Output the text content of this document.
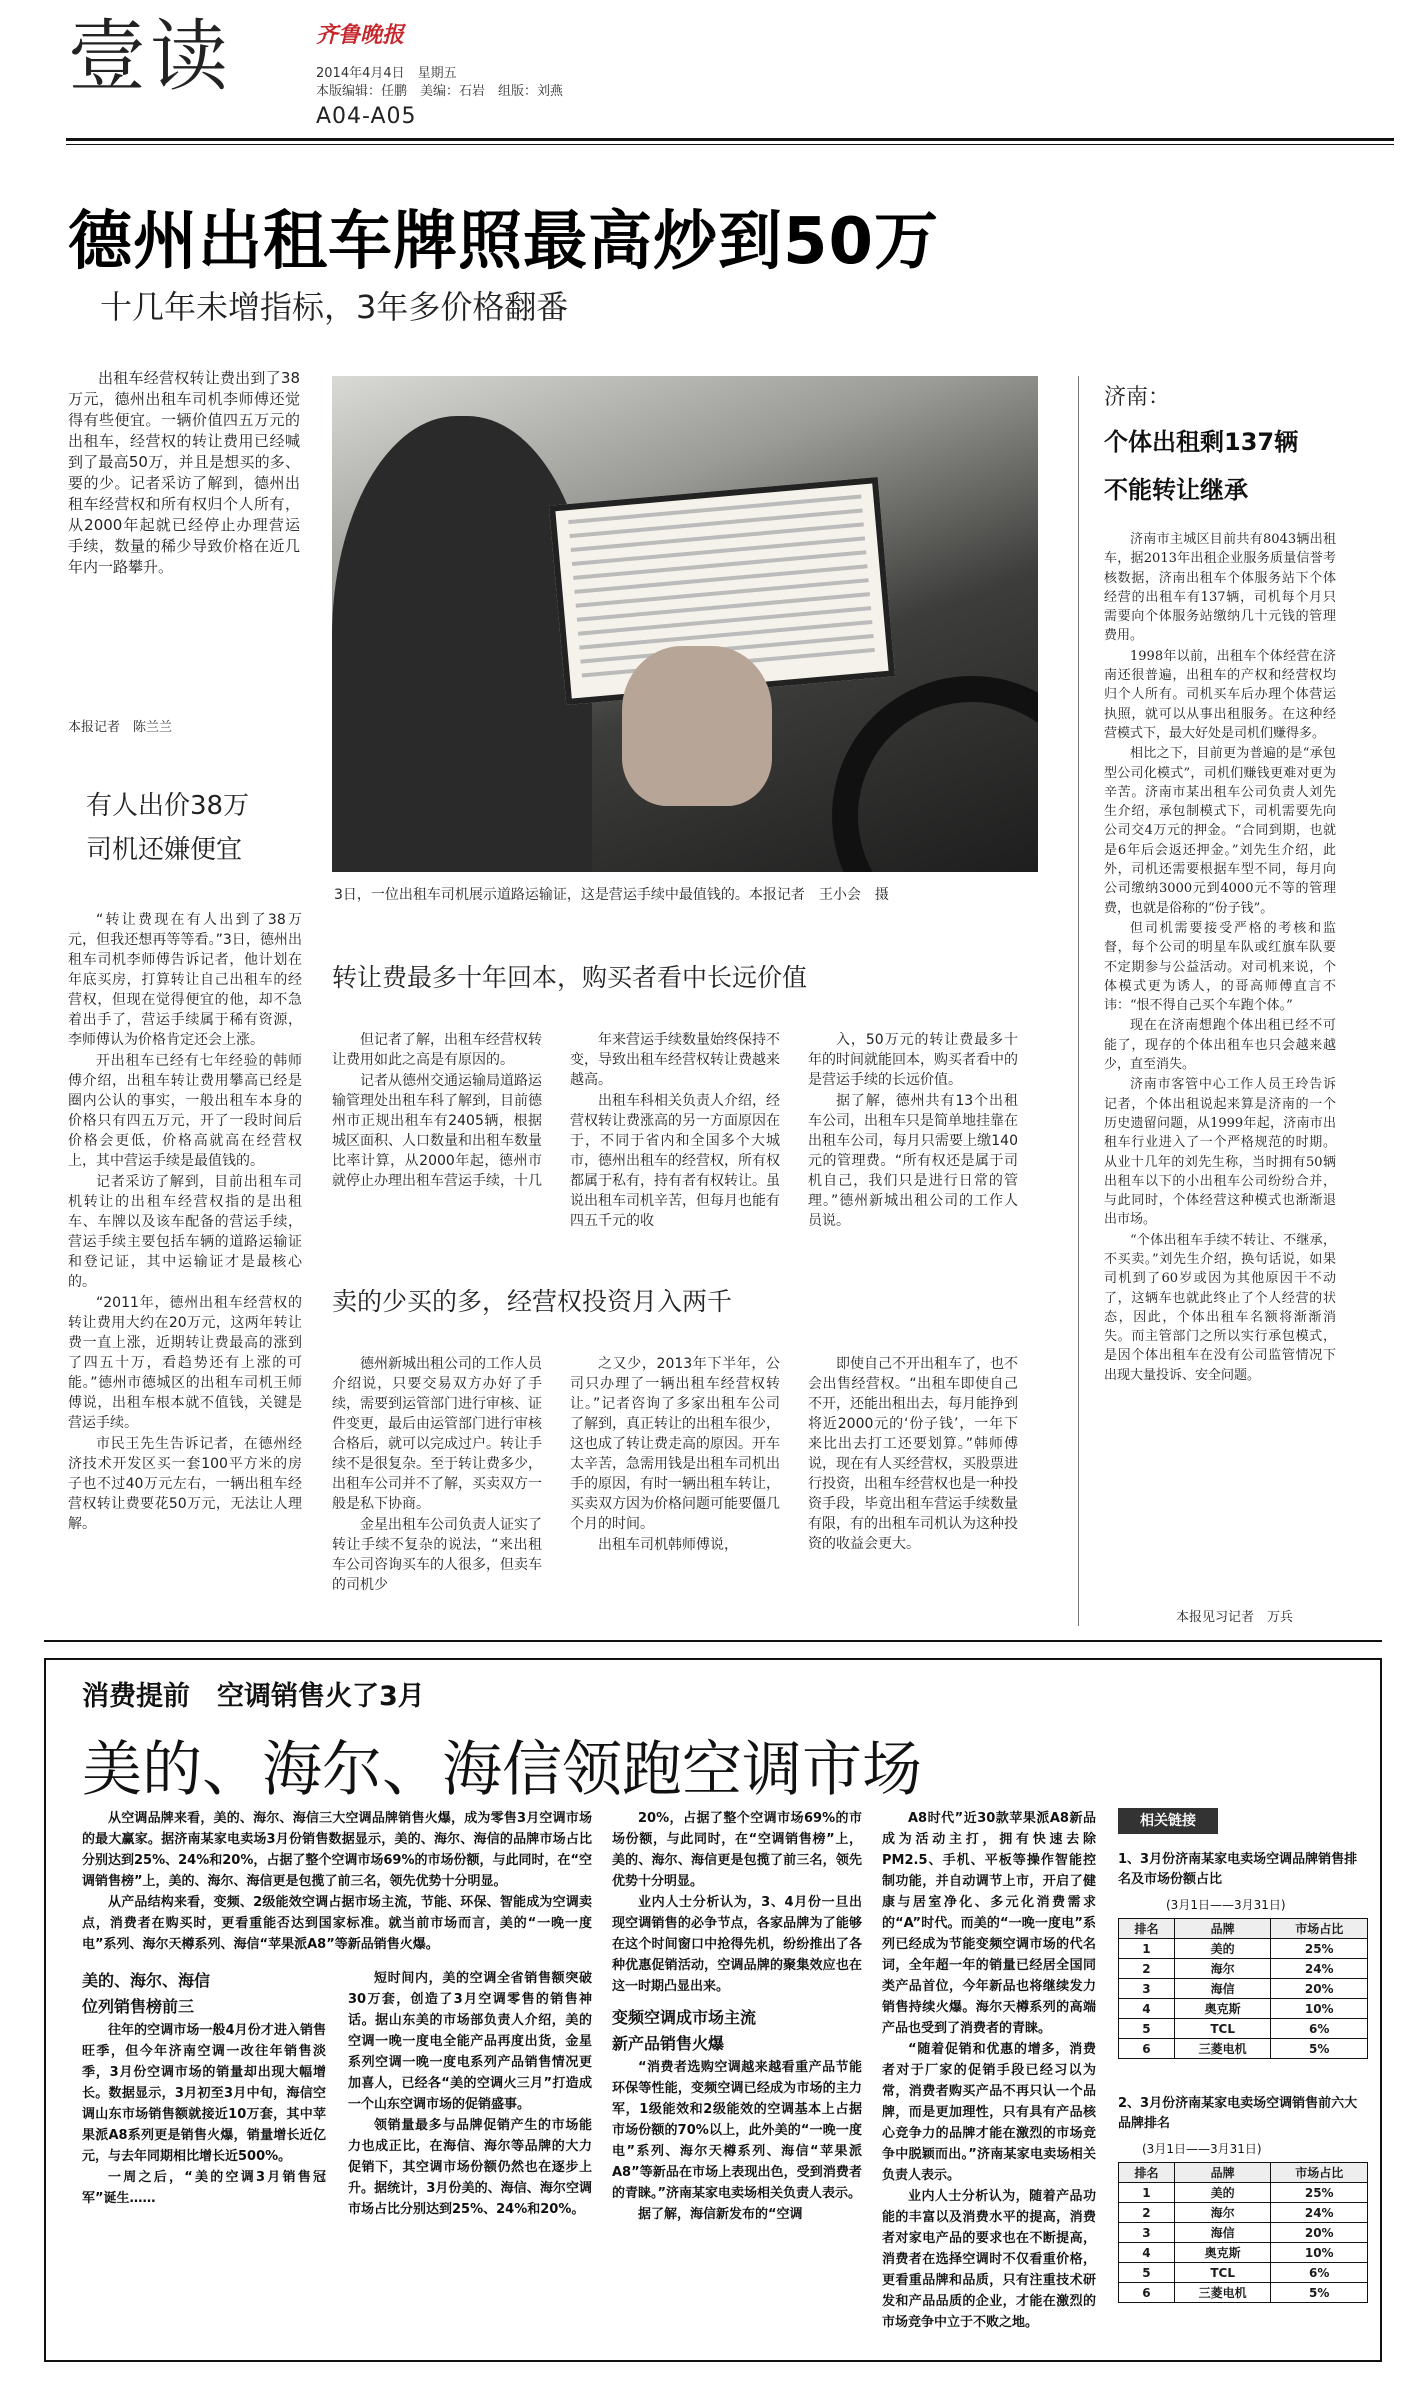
壹读	齐鲁晚报
2014年4月4日　星期五
本版编辑：任鹏　美编：石岩　组版：刘燕
A04-A05
德州出租车牌照最高炒到50万
十几年未增指标，3年多价格翻番

出租车经营权转让费出到了38万元，德州出租车司机李师傅还觉得有些便宜。一辆价值四五万元的出租车，经营权的转让费用已经喊到了最高50万，并且是想买的多、要的少。记者采访了解到，德州出租车经营权和所有权归个人所有，从2000年起就已经停止办理营运手续，数量的稀少导致价格在近几年内一路攀升。

本报记者　陈兰兰
有人出价38万
司机还嫌便宜

“转让费现在有人出到了38万元，但我还想再等等看。”3日，德州出租车司机李师傅告诉记者，他计划在年底买房，打算转让自己出租车的经营权，但现在觉得便宜的他，却不急着出手了，营运手续属于稀有资源，李师傅认为价格肯定还会上涨。

开出租车已经有七年经验的韩师傅介绍，出租车转让费用攀高已经是圈内公认的事实，一般出租车本身的价格只有四五万元，开了一段时间后价格会更低，价格高就高在经营权上，其中营运手续是最值钱的。

记者采访了解到，目前出租车司机转让的出租车经营权指的是出租车、车牌以及该车配备的营运手续，营运手续主要包括车辆的道路运输证和登记证，其中运输证才是最核心的。

“2011年，德州出租车经营权的转让费用大约在20万元，这两年转让费一直上涨，近期转让费最高的涨到了四五十万，看趋势还有上涨的可能。”德州市德城区的出租车司机王师傅说，出租车根本就不值钱，关键是营运手续。

市民王先生告诉记者，在德州经济技术开发区买一套100平方米的房子也不过40万元左右，一辆出租车经营权转让费要花50万元，无法让人理解。

3日，一位出租车司机展示道路运输证，这是营运手续中最值钱的。本报记者　王小会　摄
转让费最多十年回本，购买者看中长远价值

但记者了解，出租车经营权转让费用如此之高是有原因的。

记者从德州交通运输局道路运输管理处出租车科了解到，目前德州市正规出租车有2405辆，根据城区面积、人口数量和出租车数量比率计算，从2000年起，德州市就停止办理出租车营运手续，十几

年来营运手续数量始终保持不变，导致出租车经营权转让费越来越高。

出租车科相关负责人介绍，经营权转让费涨高的另一方面原因在于，不同于省内和全国多个大城市，德州出租车的经营权，所有权都属于私有，持有者有权转让。虽说出租车司机辛苦，但每月也能有四五千元的收

入，50万元的转让费最多十年的时间就能回本，购买者看中的是营运手续的长远价值。

据了解，德州共有13个出租车公司，出租车只是简单地挂靠在出租车公司，每月只需要上缴140元的管理费。“所有权还是属于司机自己，我们只是进行日常的管理。”德州新城出租公司的工作人员说。

卖的少买的多，经营权投资月入两千

德州新城出租公司的工作人员介绍说，只要交易双方办好了手续，需要到运管部门进行审核、证件变更，最后由运管部门进行审核合格后，就可以完成过户。转让手续不是很复杂。至于转让费多少，出租车公司并不了解，买卖双方一般是私下协商。

金星出租车公司负责人证实了转让手续不复杂的说法，“来出租车公司咨询买车的人很多，但卖车的司机少

之又少，2013年下半年，公司只办理了一辆出租车经营权转让。”记者咨询了多家出租车公司了解到，真正转让的出租车很少，这也成了转让费走高的原因。开车太辛苦，急需用钱是出租车司机出手的原因，有时一辆出租车转让，买卖双方因为价格问题可能要僵几个月的时间。

出租车司机韩师傅说，

即使自己不开出租车了，也不会出售经营权。“出租车即使自己不开，还能出租出去，每月能挣到将近2000元的‘份子钱’，一年下来比出去打工还要划算。”韩师傅说，现在有人买经营权，买股票进行投资，出租车经营权也是一种投资手段，毕竟出租车营运手续数量有限，有的出租车司机认为这种投资的收益会更大。

济南：
个体出租剩137辆
不能转让继承

济南市主城区目前共有8043辆出租车，据2013年出租企业服务质量信誉考核数据，济南出租车个体服务站下个体经营的出租车有137辆，司机每个月只需要向个体服务站缴纳几十元钱的管理费用。

1998年以前，出租车个体经营在济南还很普遍，出租车的产权和经营权均归个人所有。司机买车后办理个体营运执照，就可以从事出租服务。在这种经营模式下，最大好处是司机们赚得多。

相比之下，目前更为普遍的是“承包型公司化模式”，司机们赚钱更难对更为辛苦。济南市某出租车公司负责人刘先生介绍，承包制模式下，司机需要先向公司交4万元的押金。“合同到期，也就是6年后会返还押金。”刘先生介绍，此外，司机还需要根据车型不同，每月向公司缴纳3000元到4000元不等的管理费，也就是俗称的“份子钱”。

但司机需要接受严格的考核和监督，每个公司的明星车队或红旗车队要不定期参与公益活动。对司机来说，个体模式更为诱人，的哥高师傅直言不讳：“恨不得自己买个车跑个体。”

现在在济南想跑个体出租已经不可能了，现存的个体出租车也只会越来越少，直至消失。

济南市客管中心工作人员王玲告诉记者，个体出租说起来算是济南的一个历史遗留问题，从1999年起，济南市出租车行业进入了一个严格规范的时期。从业十几年的刘先生称，当时拥有50辆出租车以下的小出租车公司纷纷合并，与此同时，个体经营这种模式也渐渐退出市场。

“个体出租车手续不转让、不继承，不买卖。”刘先生介绍，换句话说，如果司机到了60岁或因为其他原因干不动了，这辆车也就此终止了个人经营的状态，因此，个体出租车名额将渐渐消失。而主管部门之所以实行承包模式，是因个体出租车在没有公司监管情况下出现大量投诉、安全问题。

本报见习记者　万兵
消费提前　空调销售火了3月
美的、海尔、海信领跑空调市场

从空调品牌来看，美的、海尔、海信三大空调品牌销售火爆，成为零售3月空调市场的最大赢家。据济南某家电卖场3月份销售数据显示，美的、海尔、海信的品牌市场占比分别达到25%、24%和20%，占据了整个空调市场69%的市场份额，与此同时，在“空调销售榜”上，美的、海尔、海信更是包揽了前三名，领先优势十分明显。

从产品结构来看，变频、2级能效空调占据市场主流，节能、环保、智能成为空调卖点，消费者在购买时，更看重能否达到国家标准。就当前市场而言，美的“一晚一度电”系列、海尔天樽系列、海信“苹果派A8”等新品销售火爆。

美的、海尔、海信
位列销售榜前三

往年的空调市场一般4月份才进入销售旺季，但今年济南空调一改往年销售淡季，3月份空调市场的销量却出现大幅增长。数据显示，3月初至3月中旬，海信空调山东市场销售额就接近10万套，其中苹果派A8系列更是销售火爆，销量增长近亿元，与去年同期相比增长近500%。

一周之后，“美的空调3月销售冠军”诞生……

短时间内，美的空调全省销售额突破30万套，创造了3月空调零售的销售神话。据山东美的市场部负责人介绍，美的空调一晚一度电全能产品再度出货，金星系列空调一晚一度电系列产品销售情况更加喜人，已经各“美的空调火三月”打造成一个山东空调市场的促销盛事。

领销量最多与品牌促销产生的市场能力也成正比，在海信、海尔等品牌的大力促销下，其空调市场份额仍然也在逐步上升。据统计，3月份美的、海信、海尔空调市场占比分别达到25%、24%和20%。

20%，占据了整个空调市场69%的市场份额，与此同时，在“空调销售榜”上，美的、海尔、海信更是包揽了前三名，领先优势十分明显。

业内人士分析认为，3、4月份一旦出现空调销售的必争节点，各家品牌为了能够在这个时间窗口中抢得先机，纷纷推出了各种优惠促销活动，空调品牌的聚集效应也在这一时期凸显出来。

变频空调成市场主流
新产品销售火爆

“消费者选购空调越来越看重产品节能环保等性能，变频空调已经成为市场的主力军，1级能效和2级能效的空调基本上占据市场份额的70%以上，此外美的“一晚一度电”系列、海尔天樽系列、海信“苹果派A8”等新品在市场上表现出色，受到消费者的青睐。”济南某家电卖场相关负责人表示。

据了解，海信新发布的“空调

A8时代”近30款苹果派A8新品成为活动主打，拥有快速去除PM2.5、手机、平板等操作智能控制功能，并自动调节上市，开启了健康与居室净化、多元化消费需求的“A”时代。而美的“一晚一度电”系列已经成为节能变频空调市场的代名词，全年超一年的销量已经居全国同类产品首位，今年新品也将继续发力销售持续火爆。海尔天樽系列的高端产品也受到了消费者的青睐。

“随着促销和优惠的增多，消费者对于厂家的促销手段已经习以为常，消费者购买产品不再只认一个品牌，而是更加理性，只有具有产品核心竞争力的品牌才能在激烈的市场竞争中脱颖而出。”济南某家电卖场相关负责人表示。

业内人士分析认为，随着产品功能的丰富以及消费水平的提高，消费者对家电产品的要求也在不断提高，消费者在选择空调时不仅看重价格，更看重品牌和品质，只有注重技术研发和产品品质的企业，才能在激烈的市场竞争中立于不败之地。

相关链接
1、3月份济南某家电卖场空调品牌销售排名及市场份额占比
(3月1日——3月31日)
排名	品牌	市场占比
1	美的	25%
2	海尔	24%
3	海信	20%
4	奥克斯	10%
5	TCL	6%
6	三菱电机	5%
2、3月份济南某家电卖场空调销售前六大品牌排名
(3月1日——3月31日)
排名	品牌	市场占比
1	美的	25%
2	海尔	24%
3	海信	20%
4	奥克斯	10%
5	TCL	6%
6	三菱电机	5%
